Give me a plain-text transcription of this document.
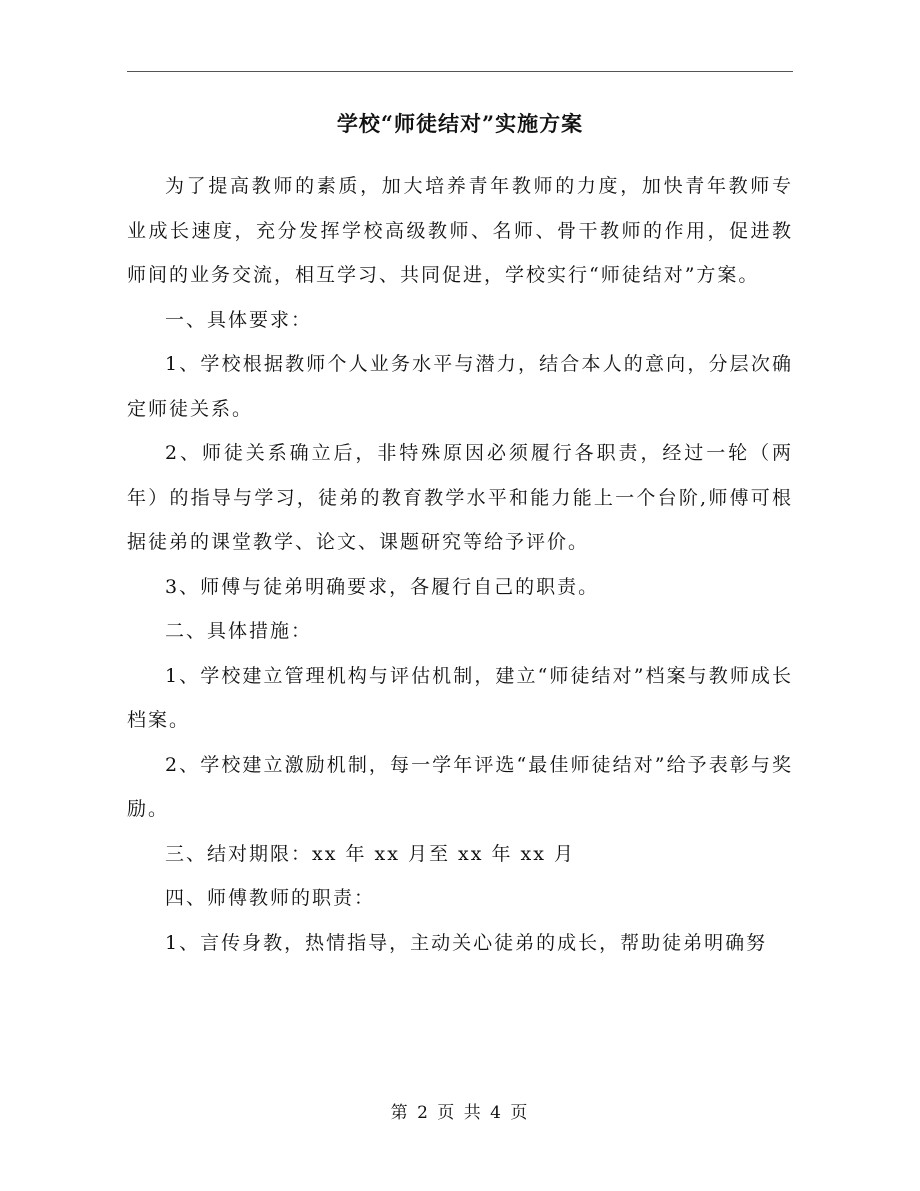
学校“师徒结对”实施方案

为了提高教师的素质，加大培养青年教师的力度，加快青年教师专业成长速度，充分发挥学校高级教师、名师、骨干教师的作用，促进教师间的业务交流，相互学习、共同促进，学校实行“师徒结对”方案。

一、具体要求：

1、学校根据教师个人业务水平与潜力，结合本人的意向，分层次确定师徒关系。

2、师徒关系确立后，非特殊原因必须履行各职责，经过一轮（两年）的指导与学习，徒弟的教育教学水平和能力能上一个台阶,师傅可根据徒弟的课堂教学、论文、课题研究等给予评价。

3、师傅与徒弟明确要求，各履行自己的职责。

二、具体措施：

1、学校建立管理机构与评估机制，建立“师徒结对”档案与教师成长档案。

2、学校建立激励机制，每一学年评选“最佳师徒结对”给予表彰与奖励。

三、结对期限：xx 年 xx 月至 xx 年 xx 月

四、师傅教师的职责：

1、言传身教，热情指导，主动关心徒弟的成长，帮助徒弟明确努

第 2 页 共 4 页
